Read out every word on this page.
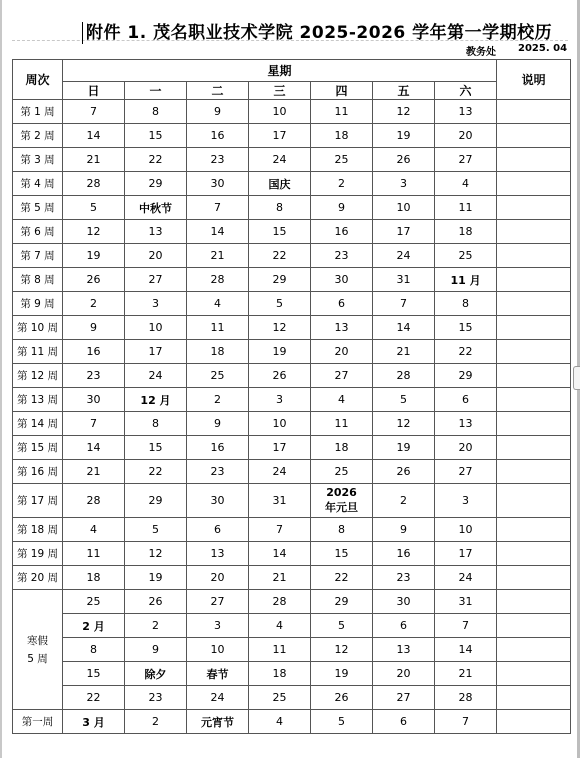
附件 1. 茂名职业技术学院 2025-2026 学年第一学期校历
教务处 2025. 04
周次	星期							说明
	日	一	二	三	四	五	六	
第 1 周	7	8	9	10	11	12	13	
第 2 周	14	15	16	17	18	19	20	
第 3 周	21	22	23	24	25	26	27	
第 4 周	28	29	30	国庆	2	3	4	
第 5 周	5	中秋节	7	8	9	10	11	
第 6 周	12	13	14	15	16	17	18	
第 7 周	19	20	21	22	23	24	25	
第 8 周	26	27	28	29	30	31	11 月	
第 9 周	2	3	4	5	6	7	8	
第 10 周	9	10	11	12	13	14	15	
第 11 周	16	17	18	19	20	21	22	
第 12 周	23	24	25	26	27	28	29	
第 13 周	30	12 月	2	3	4	5	6	
第 14 周	7	8	9	10	11	12	13	
第 15 周	14	15	16	17	18	19	20	
第 16 周	21	22	23	24	25	26	27	
第 17 周	28	29	30	31	2026 年元旦	2	3	
第 18 周	4	5	6	7	8	9	10	
第 19 周	11	12	13	14	15	16	17	
第 20 周	18	19	20	21	22	23	24	
寒假 5 周	25	26	27	28	29	30	31	
	2 月	2	3	4	5	6	7	
	8	9	10	11	12	13	14	
	15	除夕	春节	18	19	20	21	
	22	23	24	25	26	27	28	
第一周	3 月	2	元宵节	4	5	6	7	
